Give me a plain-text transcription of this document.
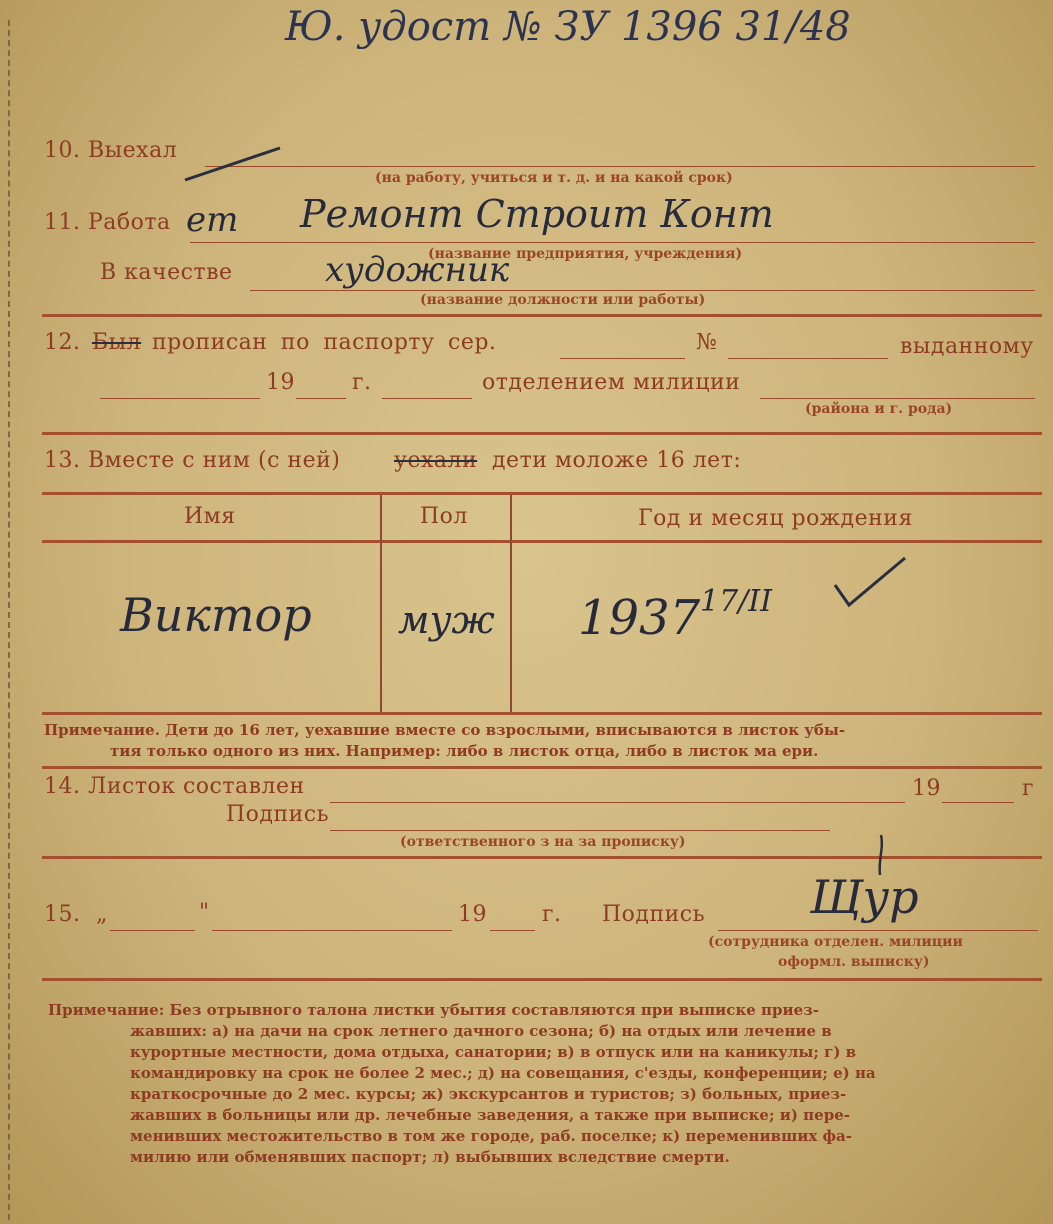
Ю. удост № ЗУ 1396 31/48
10. Выехал
(на работу, учиться и т. д. и на какой срок)
11. Работа ет Ремонт Строит Конт
(название предприятия, учреждения)
В качестве	художник
(название должности или работы)
12. Был прописан по паспорту сер.	№	выданному
19	г.	отделением милиции
(района и г. рода)
13. Вместе с ним (с ней) уехали дети моложе 16 лет:
Имя	Пол	Год и месяц рождения
Виктор муж 1937 17/II
Примечание. Дети до 16 лет, уехавшие вместе со взрослыми, вписываются в листок убы-
тия только одного из них. Например: либо в листок отца, либо в листок ма ери.
14. Листок составлен	19	г
Подпись
(ответственного з на за прописку)
15. „	"	19	г. Подпись Щур
(сотрудника отделен. милиции
оформл. выписку)
Примечание: Без отрывного талона листки убытия составляются при выписке приез-
жавших: а) на дачи на срок летнего дачного сезона; б) на отдых или лечение в
курортные местности, дома отдыха, санатории; в) в отпуск или на каникулы; г) в
командировку на срок не более 2 мес.; д) на совещания, с'езды, конференции; е) на
краткосрочные до 2 мес. курсы; ж) экскурсантов и туристов; з) больных, приез-
жавших в больницы или др. лечебные заведения, а также при выписке; и) пере-
менивших местожительство в том же городе, раб. поселке; к) переменивших фа-
милию или обменявших паспорт; л) выбывших вследствие смерти.
